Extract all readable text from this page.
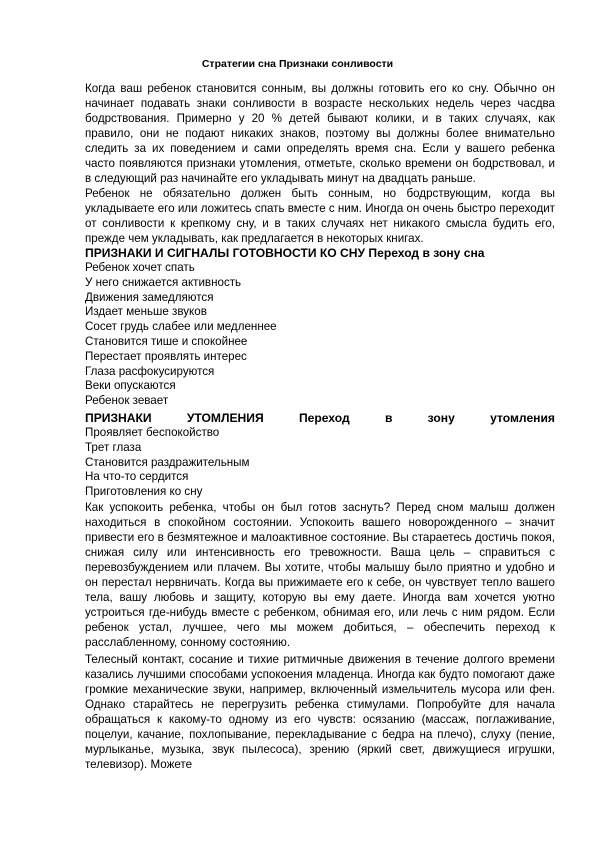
Стратегии сна Признаки сонливости

Когда ваш ребенок становится сонным, вы должны готовить его ко сну. Обычно он начинает подавать знаки сонливости в возрасте нескольких недель через часдва бодрствования. Примерно у 20 % детей бывают колики, и в таких случаях, как правило, они не подают никаких знаков, поэтому вы должны более внимательно следить за их поведением и сами определять время сна. Если у вашего ребенка часто появляются признаки утомления, отметьте, сколько времени он бодрствовал, и в следующий раз начинайте его укладывать минут на двадцать раньше.

Ребенок не обязательно должен быть сонным, но бодрствующим, когда вы укладываете его или ложитесь спать вместе с ним. Иногда он очень быстро переходит от сонливости к крепкому сну, и в таких случаях нет никакого смысла будить его, прежде чем укладывать, как предлагается в некоторых книгах.

ПРИЗНАКИ И СИГНАЛЫ ГОТОВНОСТИ КО СНУ Переход в зону сна
Ребенок хочет спать
У него снижается активность
Движения замедляются
Издает меньше звуков
Сосет грудь слабее или медленнее
Становится тише и спокойнее
Перестает проявлять интерес
Глаза расфокусируются
Веки опускаются
Ребенок зевает
ПРИЗНАКИ	УТОМЛЕНИЯ	Переход	в	зону	утомления
Проявляет беспокойство
Трет глаза
Становится раздражительным
На что-то сердится
Приготовления ко сну

Как успокоить ребенка, чтобы он был готов заснуть? Перед сном малыш должен находиться в спокойном состоянии. Успокоить вашего новорожденного – значит привести его в безмятежное и малоактивное состояние. Вы стараетесь достичь покоя, снижая силу или интенсивность его тревожности. Ваша цель – справиться с перевозбуждением или плачем. Вы хотите, чтобы малышу было приятно и удобно и он перестал нервничать. Когда вы прижимаете его к себе, он чувствует тепло вашего тела, вашу любовь и защиту, которую вы ему даете. Иногда вам хочется уютно устроиться где-нибудь вместе с ребенком, обнимая его, или лечь с ним рядом. Если ребенок устал, лучшее, чего мы можем добиться, – обеспечить переход к расслабленному, сонному состоянию.

Телесный контакт, сосание и тихие ритмичные движения в течение долгого времени казались лучшими способами успокоения младенца. Иногда как будто помогают даже громкие механические звуки, например, включенный измельчитель мусора или фен. Однако старайтесь не перегрузить ребенка стимулами. Попробуйте для начала обращаться к какому-то одному из его чувств: осязанию (массаж, поглаживание, поцелуи, качание, похлопывание, перекладывание с бедра на плечо), слуху (пение, мурлыканье, музыка, звук пылесоса), зрению (яркий свет, движущиеся игрушки, телевизор). Можете
